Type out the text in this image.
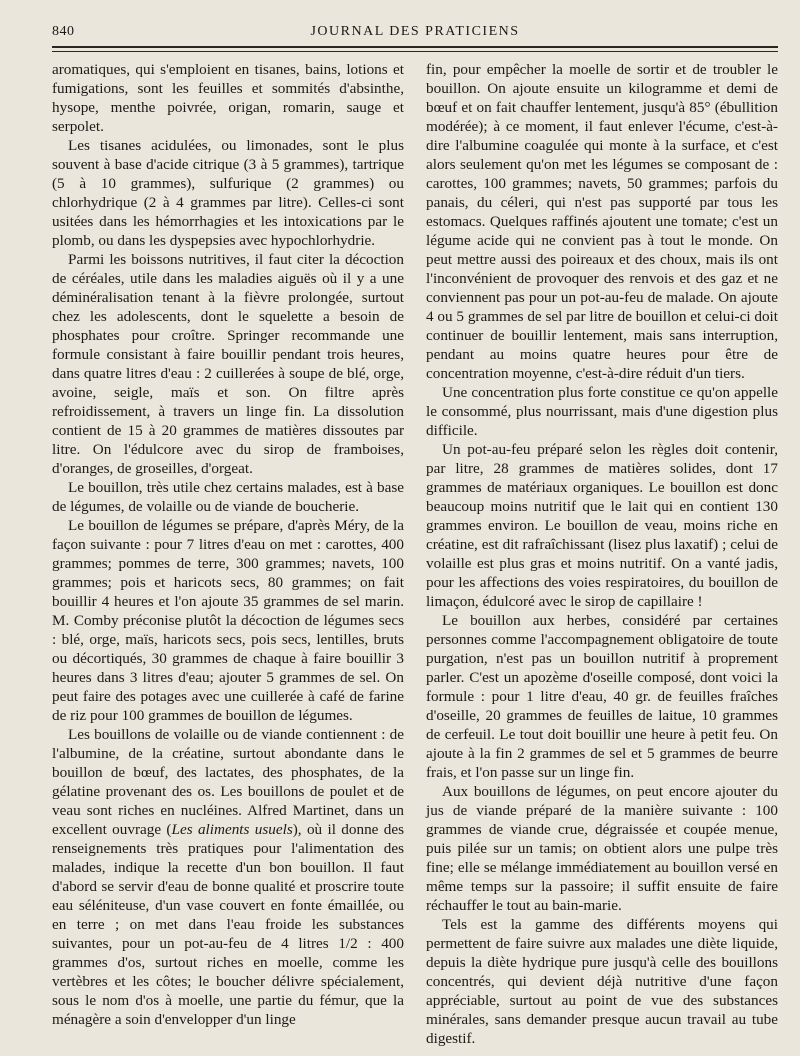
840	JOURNAL DES PRATICIENS

aromatiques, qui s'emploient en tisanes, bains, lotions et fumigations, sont les feuilles et sommités d'absinthe, hysope, menthe poivrée, origan, romarin, sauge et serpolet.

Les tisanes acidulées, ou limonades, sont le plus souvent à base d'acide citrique (3 à 5 grammes), tartrique (5 à 10 grammes), sulfurique (2 grammes) ou chlorhydrique (2 à 4 grammes par litre). Celles-ci sont usitées dans les hémorrhagies et les intoxications par le plomb, ou dans les dyspepsies avec hypochlorhydrie.

Parmi les boissons nutritives, il faut citer la décoction de céréales, utile dans les maladies aiguës où il y a une déminéralisation tenant à la fièvre prolongée, surtout chez les adolescents, dont le squelette a besoin de phosphates pour croître. Springer recommande une formule consistant à faire bouillir pendant trois heures, dans quatre litres d'eau : 2 cuillerées à soupe de blé, orge, avoine, seigle, maïs et son. On filtre après refroidissement, à travers un linge fin. La dissolution contient de 15 à 20 grammes de matières dissoutes par litre. On l'édulcore avec du sirop de framboises, d'oranges, de groseilles, d'orgeat.

Le bouillon, très utile chez certains malades, est à base de légumes, de volaille ou de viande de boucherie.

Le bouillon de légumes se prépare, d'après Méry, de la façon suivante : pour 7 litres d'eau on met : carottes, 400 grammes; pommes de terre, 300 grammes; navets, 100 grammes; pois et haricots secs, 80 grammes; on fait bouillir 4 heures et l'on ajoute 35 grammes de sel marin. M. Comby préconise plutôt la décoction de légumes secs : blé, orge, maïs, haricots secs, pois secs, lentilles, bruts ou décortiqués, 30 grammes de chaque à faire bouillir 3 heures dans 3 litres d'eau; ajouter 5 grammes de sel. On peut faire des potages avec une cuillerée à café de farine de riz pour 100 grammes de bouillon de légumes.

Les bouillons de volaille ou de viande contiennent : de l'albumine, de la créatine, surtout abondante dans le bouillon de bœuf, des lactates, des phosphates, de la gélatine provenant des os. Les bouillons de poulet et de veau sont riches en nucléines. Alfred Martinet, dans un excellent ouvrage (Les aliments usuels), où il donne des renseignements très pratiques pour l'alimentation des malades, indique la recette d'un bon bouillon. Il faut d'abord se servir d'eau de bonne qualité et proscrire toute eau séléniteuse, d'un vase couvert en fonte émaillée, ou en terre ; on met dans l'eau froide les substances suivantes, pour un pot-au-feu de 4 litres 1/2 : 400 grammes d'os, surtout riches en moelle, comme les vertèbres et les côtes; le boucher délivre spécialement, sous le nom d'os à moelle, une partie du fémur, que la ménagère a soin d'envelopper d'un linge

fin, pour empêcher la moelle de sortir et de troubler le bouillon. On ajoute ensuite un kilogramme et demi de bœuf et on fait chauffer lentement, jusqu'à 85° (ébullition modérée); à ce moment, il faut enlever l'écume, c'est-à-dire l'albumine coagulée qui monte à la surface, et c'est alors seulement qu'on met les légumes se composant de : carottes, 100 grammes; navets, 50 grammes; parfois du panais, du céleri, qui n'est pas supporté par tous les estomacs. Quelques raffinés ajoutent une tomate; c'est un légume acide qui ne convient pas à tout le monde. On peut mettre aussi des poireaux et des choux, mais ils ont l'inconvénient de provoquer des renvois et des gaz et ne conviennent pas pour un pot-au-feu de malade. On ajoute 4 ou 5 grammes de sel par litre de bouillon et celui-ci doit continuer de bouillir lentement, mais sans interruption, pendant au moins quatre heures pour être de concentration moyenne, c'est-à-dire réduit d'un tiers.

Une concentration plus forte constitue ce qu'on appelle le consommé, plus nourrissant, mais d'une digestion plus difficile.

Un pot-au-feu préparé selon les règles doit contenir, par litre, 28 grammes de matières solides, dont 17 grammes de matériaux organiques. Le bouillon est donc beaucoup moins nutritif que le lait qui en contient 130 grammes environ. Le bouillon de veau, moins riche en créatine, est dit rafraîchissant (lisez plus laxatif) ; celui de volaille est plus gras et moins nutritif. On a vanté jadis, pour les affections des voies respiratoires, du bouillon de limaçon, édulcoré avec le sirop de capillaire !

Le bouillon aux herbes, considéré par certaines personnes comme l'accompagnement obligatoire de toute purgation, n'est pas un bouillon nutritif à proprement parler. C'est un apozème d'oseille composé, dont voici la formule : pour 1 litre d'eau, 40 gr. de feuilles fraîches d'oseille, 20 grammes de feuilles de laitue, 10 grammes de cerfeuil. Le tout doit bouillir une heure à petit feu. On ajoute à la fin 2 grammes de sel et 5 grammes de beurre frais, et l'on passe sur un linge fin.

Aux bouillons de légumes, on peut encore ajouter du jus de viande préparé de la manière suivante : 100 grammes de viande crue, dégraissée et coupée menue, puis pilée sur un tamis; on obtient alors une pulpe très fine; elle se mélange immédiatement au bouillon versé en même temps sur la passoire; il suffit ensuite de faire réchauffer le tout au bain-marie.

Tels est la gamme des différents moyens qui permettent de faire suivre aux malades une diète liquide, depuis la diète hydrique pure jusqu'à celle des bouillons concentrés, qui devient déjà nutritive d'une façon appréciable, surtout au point de vue des substances minérales, sans demander presque aucun travail au tube digestif.
